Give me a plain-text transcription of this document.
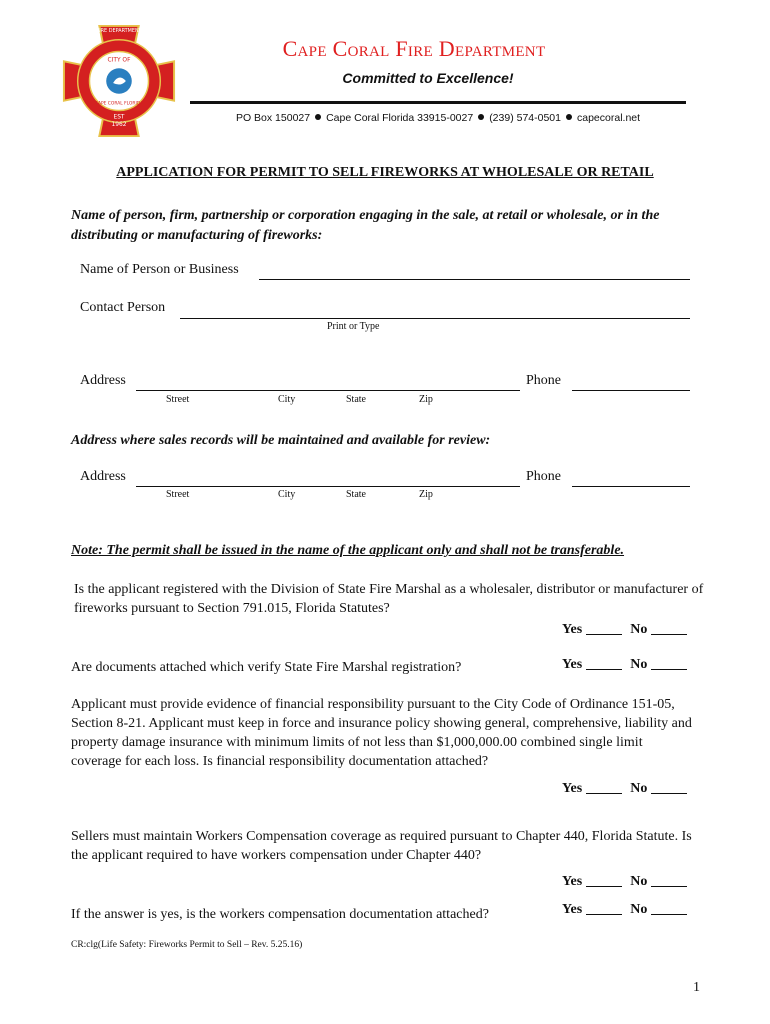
FIRE DEPARTMENT
CITY OF
CAPE CORAL FLORIDA
EST
1962
Cape Coral Fire Department
Committed to Excellence!
PO Box 150027 Cape Coral Florida 33915-0027 (239) 574-0501 capecoral.net
APPLICATION FOR PERMIT TO SELL FIREWORKS AT WHOLESALE OR RETAIL
Name of person, firm, partnership or corporation engaging in the sale, at retail or wholesale, or in the distributing or manufacturing of fireworks:
Name of Person or Business
Contact Person
Print or Type
Address	Phone
Street	City	State	Zip
Address where sales records will be maintained and available for review:
Address	Phone
Street	City	State	Zip
Note: The permit shall be issued in the name of the applicant only and shall not be transferable.
Is the applicant registered with the Division of State Fire Marshal as a wholesaler, distributor or manufacturer of fireworks pursuant to Section 791.015, Florida Statutes?
Yes	No
Are documents attached which verify State Fire Marshal registration?	Yes	No
Applicant must provide evidence of financial responsibility pursuant to the City Code of Ordinance 151-05, Section 8-21. Applicant must keep in force and insurance policy showing general, comprehensive, liability and property damage insurance with minimum limits of not less than $1,000,000.00 combined single limit coverage for each loss. Is financial responsibility documentation attached?
Yes	No
Sellers must maintain Workers Compensation coverage as required pursuant to Chapter 440, Florida Statute. Is the applicant required to have workers compensation under Chapter 440?
Yes	No
If the answer is yes, is the workers compensation documentation attached?	Yes	No
CR:clg(Life Safety: Fireworks Permit to Sell – Rev. 5.25.16)
1
